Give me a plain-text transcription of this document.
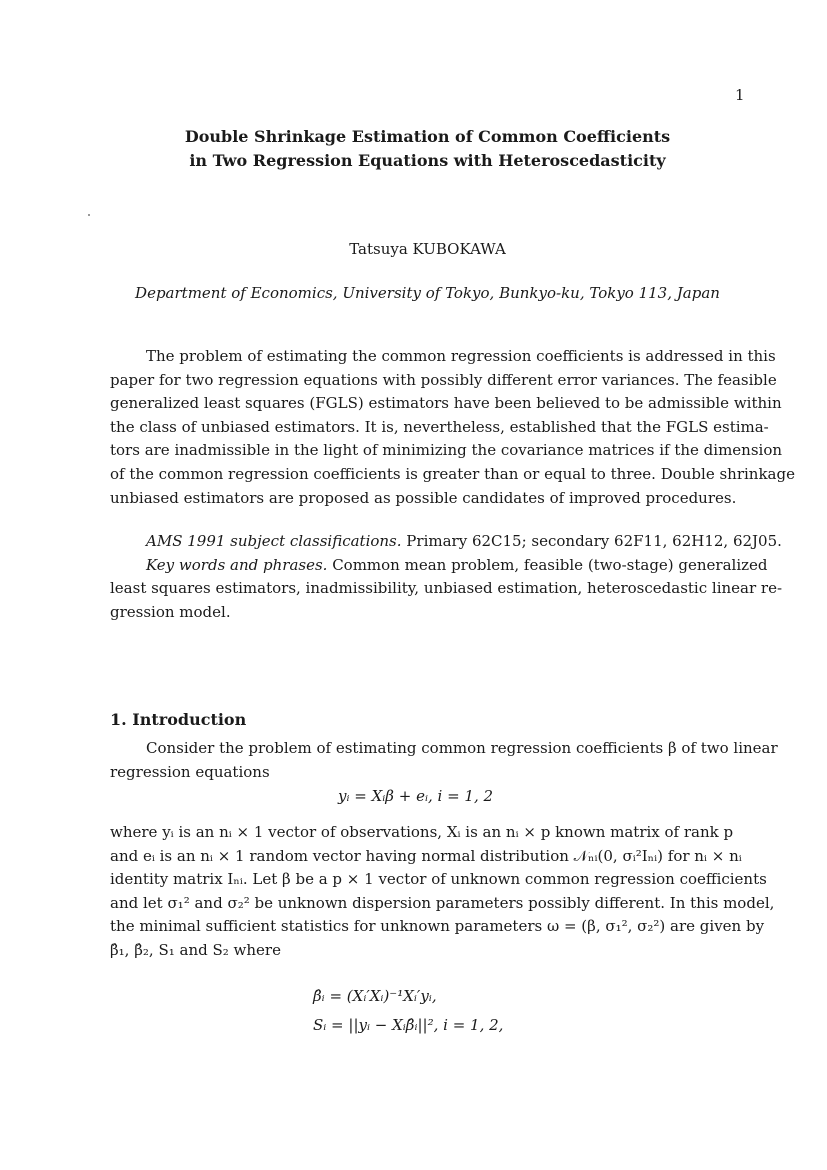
1
Double Shrinkage Estimation of Common Coefficients
in Two Regression Equations with Heteroscedasticity
Tatsuya KUBOKAWA
Department of Economics, University of Tokyo, Bunkyo-ku, Tokyo 113, Japan
The problem of estimating the common regression coefficients is addressed in this
paper for two regression equations with possibly different error variances. The feasible
generalized least squares (FGLS) estimators have been believed to be admissible within
the class of unbiased estimators. It is, nevertheless, established that the FGLS estima-
tors are inadmissible in the light of minimizing the covariance matrices if the dimension
of the common regression coefficients is greater than or equal to three. Double shrinkage
unbiased estimators are proposed as possible candidates of improved procedures.
AMS 1991 subject classifications. Primary 62C15; secondary 62F11, 62H12, 62J05.
Key words and phrases. Common mean problem, feasible (two-stage) generalized
least squares estimators, inadmissibility, unbiased estimation, heteroscedastic linear re-
gression model.
1. Introduction
Consider the problem of estimating common regression coefficients β of two linear
regression equations
yᵢ = Xᵢβ + eᵢ, i = 1, 2
where yᵢ is an nᵢ × 1 vector of observations, Xᵢ is an nᵢ × p known matrix of rank p
and eᵢ is an nᵢ × 1 random vector having normal distribution 𝒩ₙᵢ(0, σᵢ²Iₙᵢ) for nᵢ × nᵢ
identity matrix Iₙᵢ. Let β be a p × 1 vector of unknown common regression coefficients
and let σ₁² and σ₂² be unknown dispersion parameters possibly different. In this model,
the minimal sufficient statistics for unknown parameters ω = (β, σ₁², σ₂²) are given by
β̂₁, β̂₂, S₁ and S₂ where
β̂ᵢ = (Xᵢ′Xᵢ)⁻¹Xᵢ′yᵢ,
Sᵢ = ||yᵢ − Xᵢβ̂ᵢ||², i = 1, 2,
